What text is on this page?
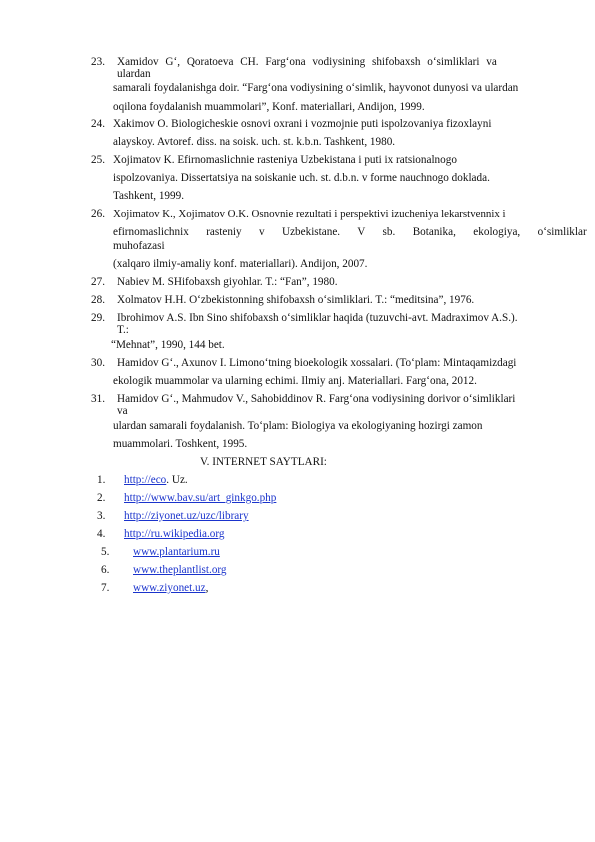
23. Xamidov G‘, Qoratoeva CH. Farg‘ona vodiysining shifobaxsh o‘simliklari va
ulardan
samarali foydalanishga doir. “Farg‘ona vodiysining o‘simlik, hayvonot dunyosi va ulardan
oqilona foydalanish muammolari”, Konf. materiallari, Andijon, 1999.
24. Xakimov O. Biologicheskie osnovi oxrani i vozmojnie puti ispolzovaniya fizoxlayni
alayskoy. Avtoref. diss. na soisk. uch. st. k.b.n. Tashkent, 1980.
25. Xojimatov K. Efirnomaslichnie rasteniya Uzbekistana i puti ix ratsionalnogo
ispolzovaniya. Dissertatsiya na soiskanie uch. st. d.b.n. v forme nauchnogo doklada.
Tashkent, 1999.
26. Xojimatov K., Xojimatov O.K. Osnovnie rezultati i perspektivi izucheniya lekarstvennix i
efirnomaslichnix rasteniy v Uzbekistane. V sb. Botanika, ekologiya, o‘simliklar
muhofazasi
(xalqaro ilmiy-amaliy konf. materiallari). Andijon, 2007.
27. Nabiev M. SHifobaxsh giyohlar. T.: “Fan”, 1980.
28. Xolmatov H.H. O‘zbekistonning shifobaxsh o‘simliklari. T.: “meditsina”, 1976.
29. Ibrohimov A.S. Ibn Sino shifobaxsh o‘simliklar haqida (tuzuvchi-avt. Madraximov A.S.).
T.:
“Mehnat”, 1990, 144 bet.
30. Hamidov G‘., Axunov I. Limono‘tning bioekologik xossalari. (To‘plam: Mintaqamizdagi
ekologik muammolar va ularning echimi. Ilmiy anj. Materiallari. Farg‘ona, 2012.
31. Hamidov G‘., Mahmudov V., Sahobiddinov R. Farg‘ona vodiysining dorivor o‘simliklari
va
ulardan samarali foydalanish. To‘plam: Biologiya va ekologiyaning hozirgi zamon
muammolari. Toshkent, 1995.
V. INTERNET SAYTLARI:
1. http://eco. Uz.
2. http://www.bav.su/art_ginkgo.php
3. http://ziyonet.uz/uzc/library
4. http://ru.wikipedia.org
5. www.plantarium.ru
6. www.theplantlist.org
7. www.ziyonet.uz,
